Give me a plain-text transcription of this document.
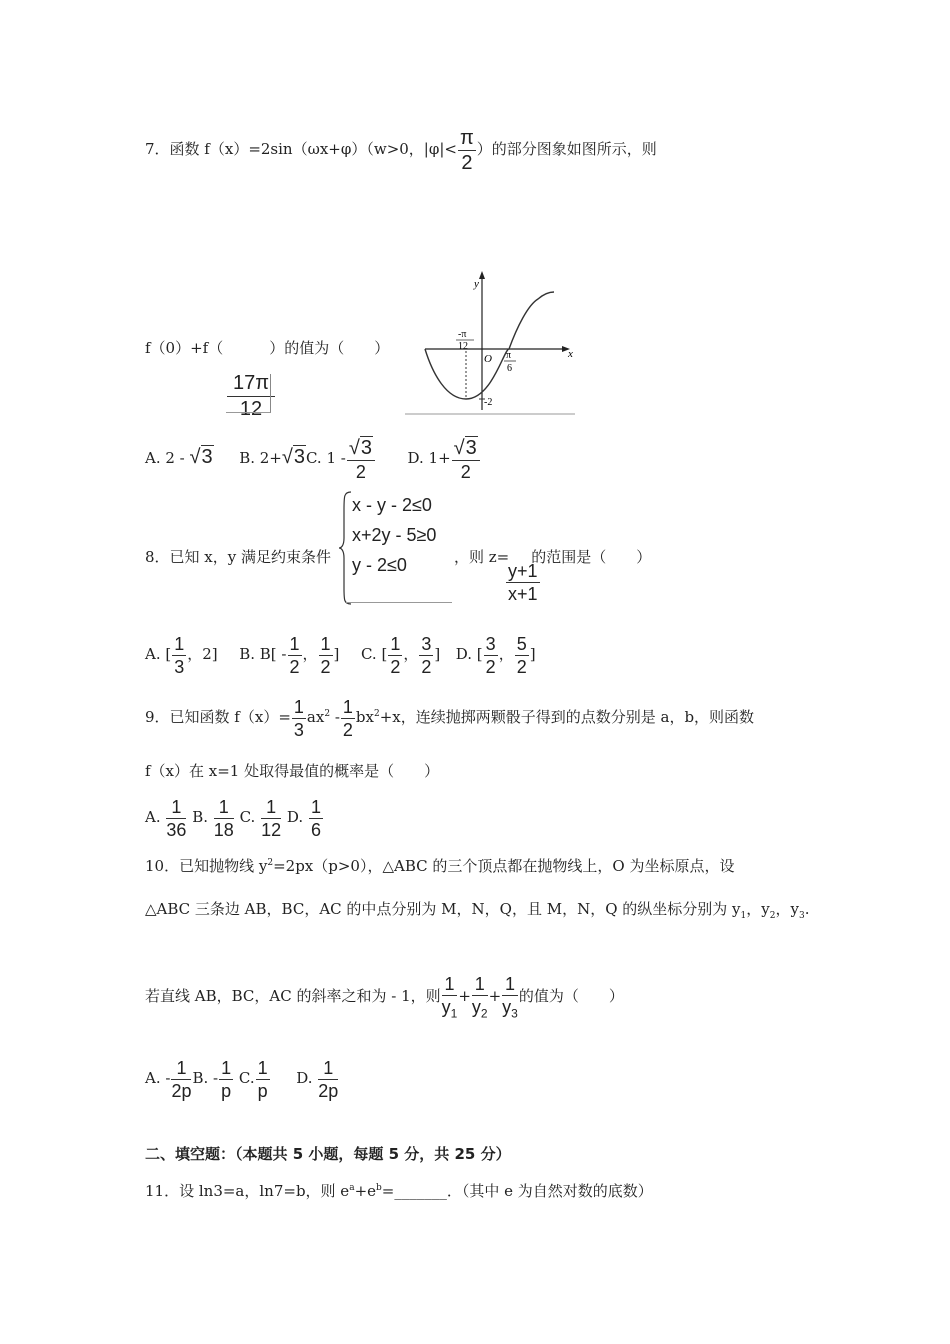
7．函数 f（x）=2sin（ωx+φ）（w>0，$|\varphi|< \frac{\pi}{2}$ ）的部分图象如图所示，则
f（0）+f（	）的值为（　　）
$\frac{17\pi}{12}$
y
x
O
-π
12
π
6
-2
A. 2 - √3 B. 2+√3C. $1 - \frac{√3}{2} D$. $1+ \frac{√3}{2}$
8．已知 x，y 满足约束条件
x - y - 2≤0
x+2y - 5≥0
y - 2≤0	，则 z= 的范围是（　　）
$\frac{y+1}{x+1}$
A. [ $\frac{1}{3}$ ，2] B. $B[ - \frac{1}{2}$ ， $\frac{1}{2}$ ] C. [ $\frac{1}{2}$ ， $\frac{3}{2}$ ] D. [ $\frac{3}{2}$ ， $\frac{5}{2}$ ]
9．已知函数 $f(x)= \frac{1}{3} ax^2 - \frac{1}{2} bx^2+x$，连续抛掷两颗骰子得到的点数分别是 a，b，则函数
f（x）在 x=1 处取得最值的概率是（　　）
A. $\frac{1}{36} B$. $\frac{1}{18} C$. $\frac{1}{12} D$. $\frac{1}{6}$
10．已知抛物线 $y^2=2px(p>0)$，△ABC 的三个顶点都在抛物线上，O 为坐标原点，设
△ABC 三条边 AB，BC，AC 的中点分别为 M，N，Q，且 M，N，Q 的纵坐标分别为 $y_1$，$y_2$，$y_3$.
若直线 AB，BC，AC 的斜率之和为 - 1，则 $\frac{1}{y_1} + \frac{1}{y_2} + \frac{1}{y_3}$ 的值为（　　）
A. - $\frac{1}{2p} B$. - $\frac{1}{p} C$. $\frac{1}{p} D$. $\frac{1}{2p}$
二、填空题：（本题共 5 小题，每题 5 分，共 25 分）
11．设 ln3=a，ln7=b，则 $e^a+e^b=\_\_\_\_\_\_\_$．（其中 e 为自然对数的底数）
